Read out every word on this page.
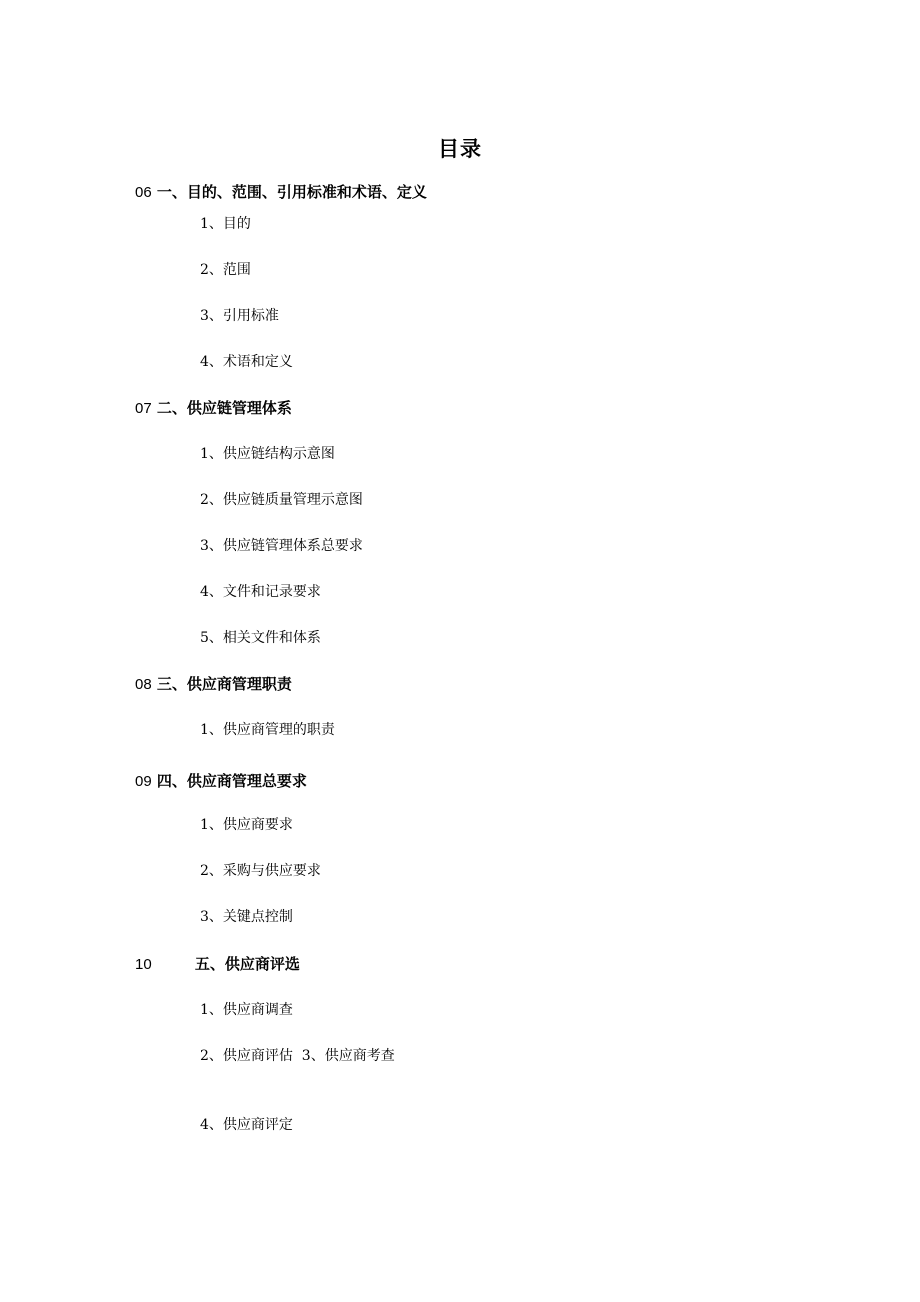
目录
06 一、目的、范围、引用标准和术语、定义
1、目的
2、范围
3、引用标准
4、术语和定义
07 二、供应链管理体系
1、供应链结构示意图
2、供应链质量管理示意图
3、供应链管理体系总要求
4、文件和记录要求
5、相关文件和体系
08 三、供应商管理职责
1、供应商管理的职责
09 四、供应商管理总要求
1、供应商要求
2、采购与供应要求
3、关键点控制
10	五、供应商评选
1、供应商调查
2、供应商评估  3、供应商考查
4、供应商评定
